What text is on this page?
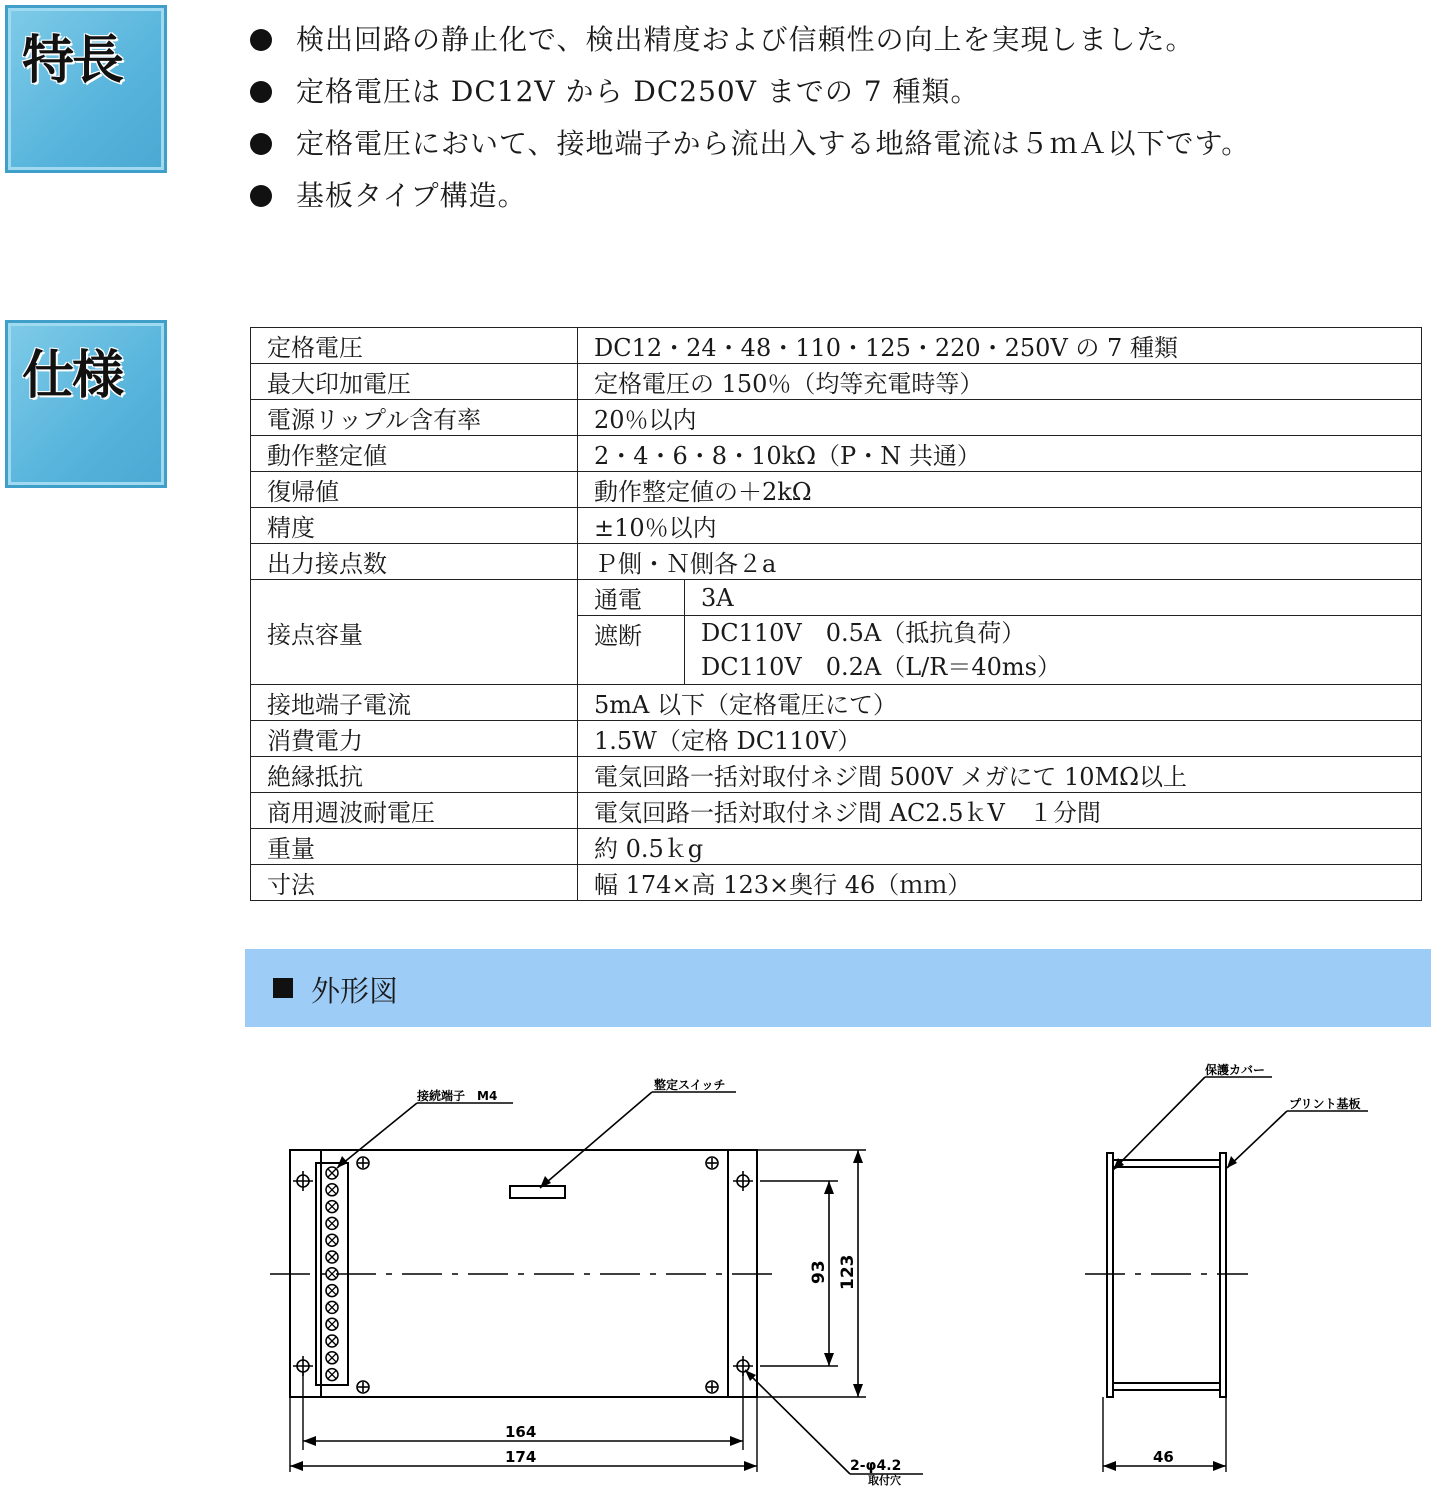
特長
仕様
検出回路の静止化で、検出精度および信頼性の向上を実現しました。
定格電圧は DC12V から DC250V までの 7 種類。
定格電圧において、接地端子から流出入する地絡電流は５ｍＡ以下です。
基板タイプ構造。
定格電圧	DC12・24・48・110・125・220・250V の 7 種類	
最大印加電圧	定格電圧の 150％（均等充電時等）	
電源リップル含有率	20％以内	
動作整定値	2・4・6・8・10kΩ（P・N 共通）	
復帰値	動作整定値の＋2kΩ	
精度	±10％以内	
出力接点数	Ｐ側・Ｎ側各２a	
接点容量	通電	3A
	遮断	DC110V　0.5A（抵抗負荷）
DC110V　0.2A（L/R＝40ms）

接地端子電流	5mA 以下（定格電圧にて）	
消費電力	1.5W（定格 DC110V）	
絶縁抵抗	電気回路一括対取付ネジ間 500V メガにて 10MΩ以上	
商用週波耐電圧	電気回路一括対取付ネジ間 AC2.5ｋV　１分間	
重量	約 0.5ｋg	
寸法	幅 174×高 123×奥行 46（ｍｍ）	
外形図
接続端子　M4
整定スイッチ
保護カバー
プリント基板
164
174	46
93 123
2-φ4.2
取付穴
